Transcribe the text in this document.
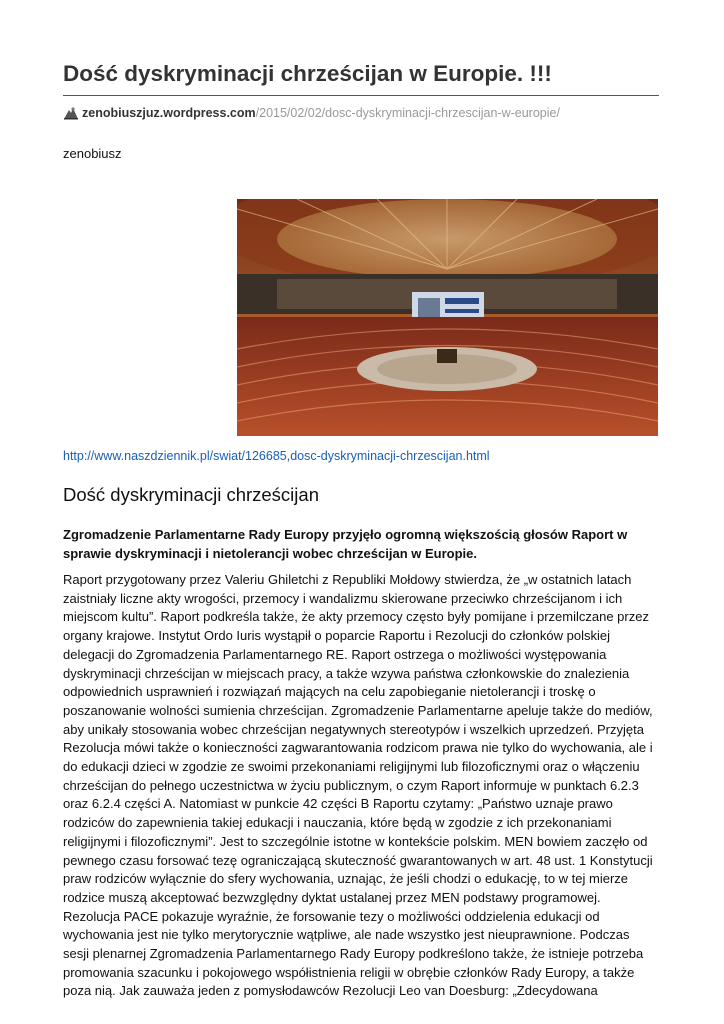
Dość dyskryminacji chrześcijan w Europie. !!!
zenobiuszjuz.wordpress.com /2015/02/02/dosc-dyskryminacji-chrzescijan-w-europie/
zenobiusz
http://www.naszdziennik.pl/swiat/126685,dosc-dyskryminacji-chrzescijan.html
Dość dyskryminacji chrześcijan

Zgromadzenie Parlamentarne Rady Europy przyjęło ogromną większością głosów Raport w sprawie dyskryminacji i nietolerancji wobec chrześcijan w Europie.

Raport przygotowany przez Valeriu Ghiletchi z Republiki Mołdowy stwierdza, że „w ostatnich latach zaistniały liczne akty wrogości, przemocy i wandalizmu skierowane przeciwko chrześcijanom i ich miejscom kultu”. Raport podkreśla także, że akty przemocy często były pomijane i przemilczane przez organy krajowe. Instytut Ordo Iuris wystąpił o poparcie Raportu i Rezolucji do członków polskiej delegacji do Zgromadzenia Parlamentarnego RE. Raport ostrzega o możliwości występowania dyskryminacji chrześcijan w miejscach pracy, a także wzywa państwa członkowskie do znalezienia odpowiednich usprawnień i rozwiązań mających na celu zapobieganie nietolerancji i troskę o poszanowanie wolności sumienia chrześcijan. Zgromadzenie Parlamentarne apeluje także do mediów, aby unikały stosowania wobec chrześcijan negatywnych stereotypów i wszelkich uprzedzeń. Przyjęta Rezolucja mówi także o konieczności zagwarantowania rodzicom prawa nie tylko do wychowania, ale i do edukacji dzieci w zgodzie ze swoimi przekonaniami religijnymi lub filozoficznymi oraz o włączeniu chrześcijan do pełnego uczestnictwa w życiu publicznym, o czym Raport informuje w punktach 6.2.3 oraz 6.2.4 części A. Natomiast w punkcie 42 części B Raportu czytamy: „Państwo uznaje prawo rodziców do zapewnienia takiej edukacji i nauczania, które będą w zgodzie z ich przekonaniami religijnymi i filozoficznymi”. Jest to szczególnie istotne w kontekście polskim. MEN bowiem zaczęło od pewnego czasu forsować tezę ograniczającą skuteczność gwarantowanych w art. 48 ust. 1 Konstytucji praw rodziców wyłącznie do sfery wychowania, uznając, że jeśli chodzi o edukację, to w tej mierze rodzice muszą akceptować bezwzględny dyktat ustalanej przez MEN podstawy programowej. Rezolucja PACE pokazuje wyraźnie, że forsowanie tezy o możliwości oddzielenia edukacji od wychowania jest nie tylko merytorycznie wątpliwe, ale nade wszystko jest nieuprawnione. Podczas sesji plenarnej Zgromadzenia Parlamentarnego Rady Europy podkreślono także, że istnieje potrzeba promowania szacunku i pokojowego współistnienia religii w obrębie członków Rady Europy, a także poza nią. Jak zauważa jeden z pomysłodawców Rezolucji Leo van Doesburg: „Zdecydowana
